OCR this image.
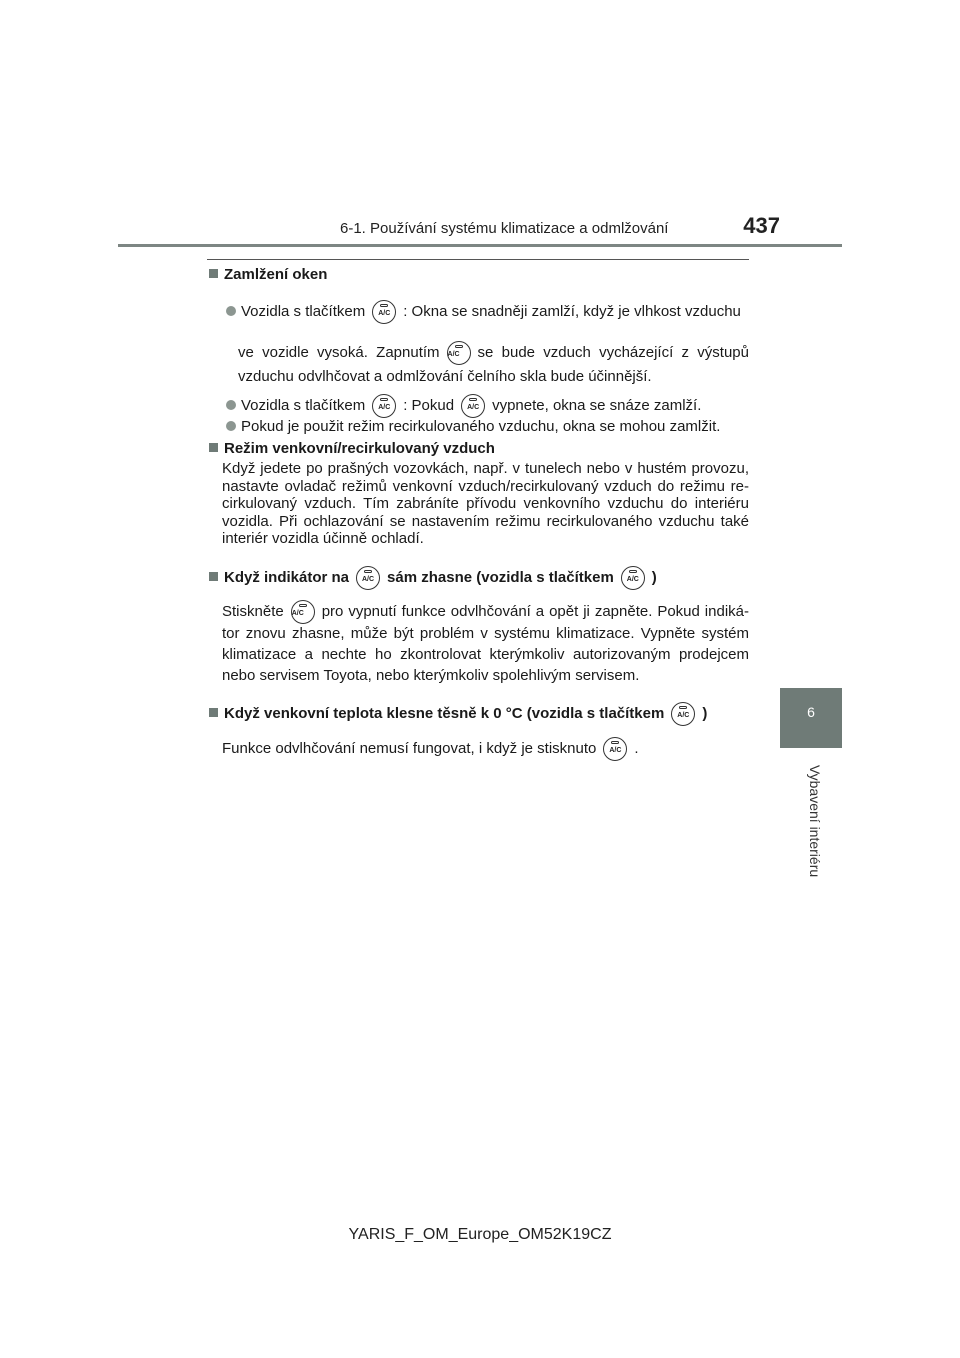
6-1. Používání systému klimatizace a odmlžování	437
6
Vybavení interiéru
Zamlžení oken
Vozidla s tlačítkem A/C	: Okna se snadněji zamlží, když je vlhkost vzduchu
ve vozidle vysoká. Zapnutím A/C	se bude vzduch vycházející z výstupů
vzduchu odvlhčovat a odmlžování čelního skla bude účinnější.
Vozidla s tlačítkem A/C	: Pokud A/C	vypnete, okna se snáze zamlží.
Pokud je použit režim recirkulovaného vzduchu, okna se mohou zamlžit.
Režim venkovní/recirkulovaný vzduch
Když jedete po prašných vozovkách, např. v tunelech nebo v hustém provozu, nastavte ovladač režimů venkovní vzduch/recirkulovaný vzduch do režimu re-cirkulovaný vzduch. Tím zabráníte přívodu venkovního vzduchu do interiéru vozidla. Při ochlazování se nastavením režimu recirkulovaného vzduchu také interiér vozidla účinně ochladí.
Když indikátor na A/C	sám zhasne (vozidla s tlačítkem A/C	)
Stiskněte A/C	pro vypnutí funkce odvlhčování a opět ji zapněte. Pokud indiká-
tor znovu zhasne, může být problém v systému klimatizace. Vypněte systém
klimatizace a nechte ho zkontrolovat kterýmkoliv autorizovaným prodejcem
nebo servisem Toyota, nebo kterýmkoliv spolehlivým servisem.
Když venkovní teplota klesne těsně k 0 °C (vozidla s tlačítkem A/C	)
Funkce odvlhčování nemusí fungovat, i když je stisknuto A/C	.
YARIS_F_OM_Europe_OM52K19CZ
